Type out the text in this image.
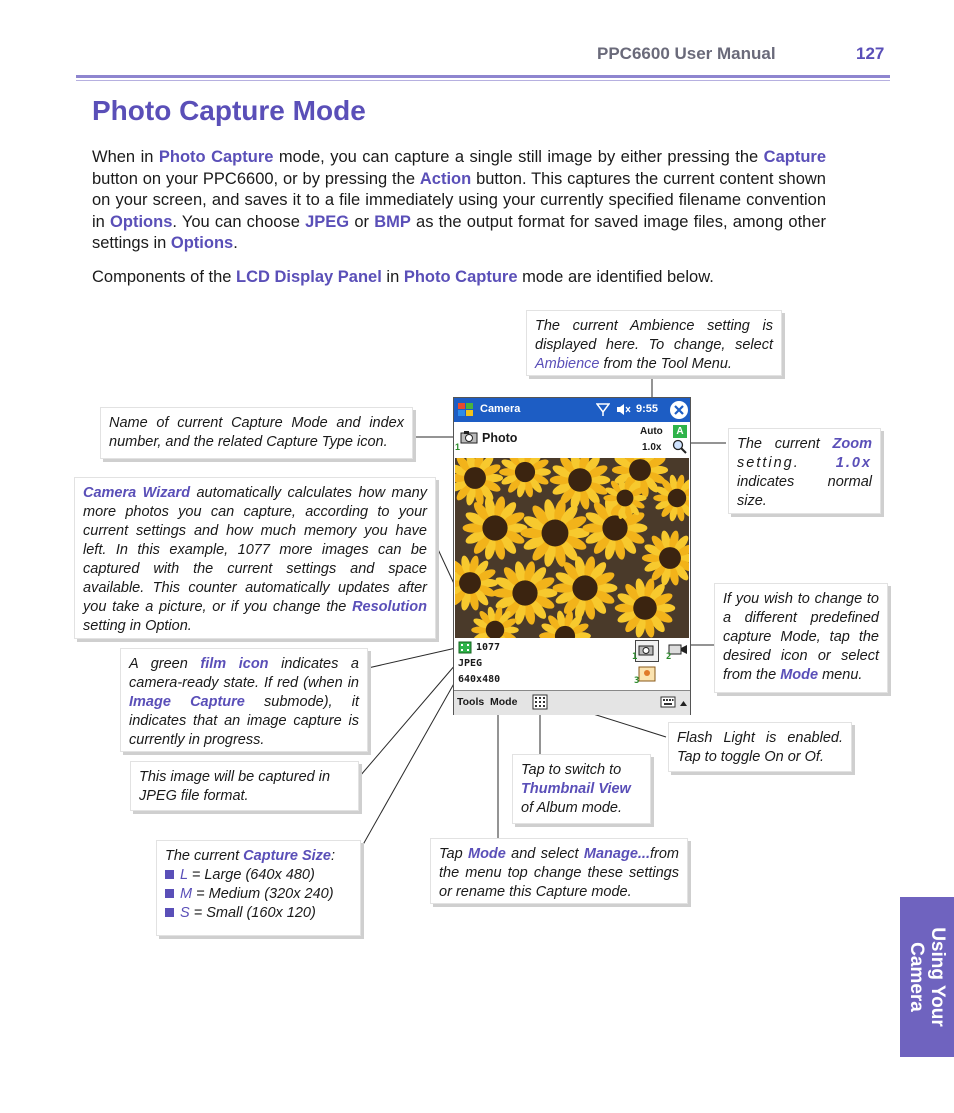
PPC6600 User Manual	127
Photo Capture Mode
When in Photo Capture mode, you can capture a single still image by either pressing the Capture button on your PPC6600, or by pressing the Action button. This captures the current content shown on your screen, and saves it to a file immediately using your currently specified filename convention in Options. You can choose JPEG or BMP as the output format for saved image files, among other settings in Options.
Components of the LCD Display Panel in Photo Capture mode are identified below.
The current Ambience setting is displayed here. To change, select Ambience from the Tool Menu.
Name of current Capture Mode and index number, and the related Capture Type icon.	The current Zoom setting. 1.0x indicates normal size.
Camera Wizard automatically calculates how many more photos you can capture, according to your current settings and how much memory you have left. In this example, 1077 more images can be captured with the current settings and space available. This counter automatically updates after you take a picture, or if you change the Resolution setting in Option.
If you wish to change to a different predefined capture Mode, tap the desired icon or select from the Mode menu.
A green film icon indicates a camera-ready state. If red (when in Image Capture submode), it indicates that an image capture is currently in progress.	Flash Light is enabled. Tap to toggle On or Of.
This image will be captured in JPEG file format.
Tap to switch to Thumbnail View of Album mode.
Tap Mode and select Manage...from the menu top change these settings or rename this Capture mode.
The current Capture Size:
L = Large (640x 480)
M = Medium (320x 240)
S = Small (160x 120)
Camera	9:55
1
Photo	Auto	A
1.0x
1077
JPEG
640x480
1	2
3
Tools Mode
Using Your
Camera
